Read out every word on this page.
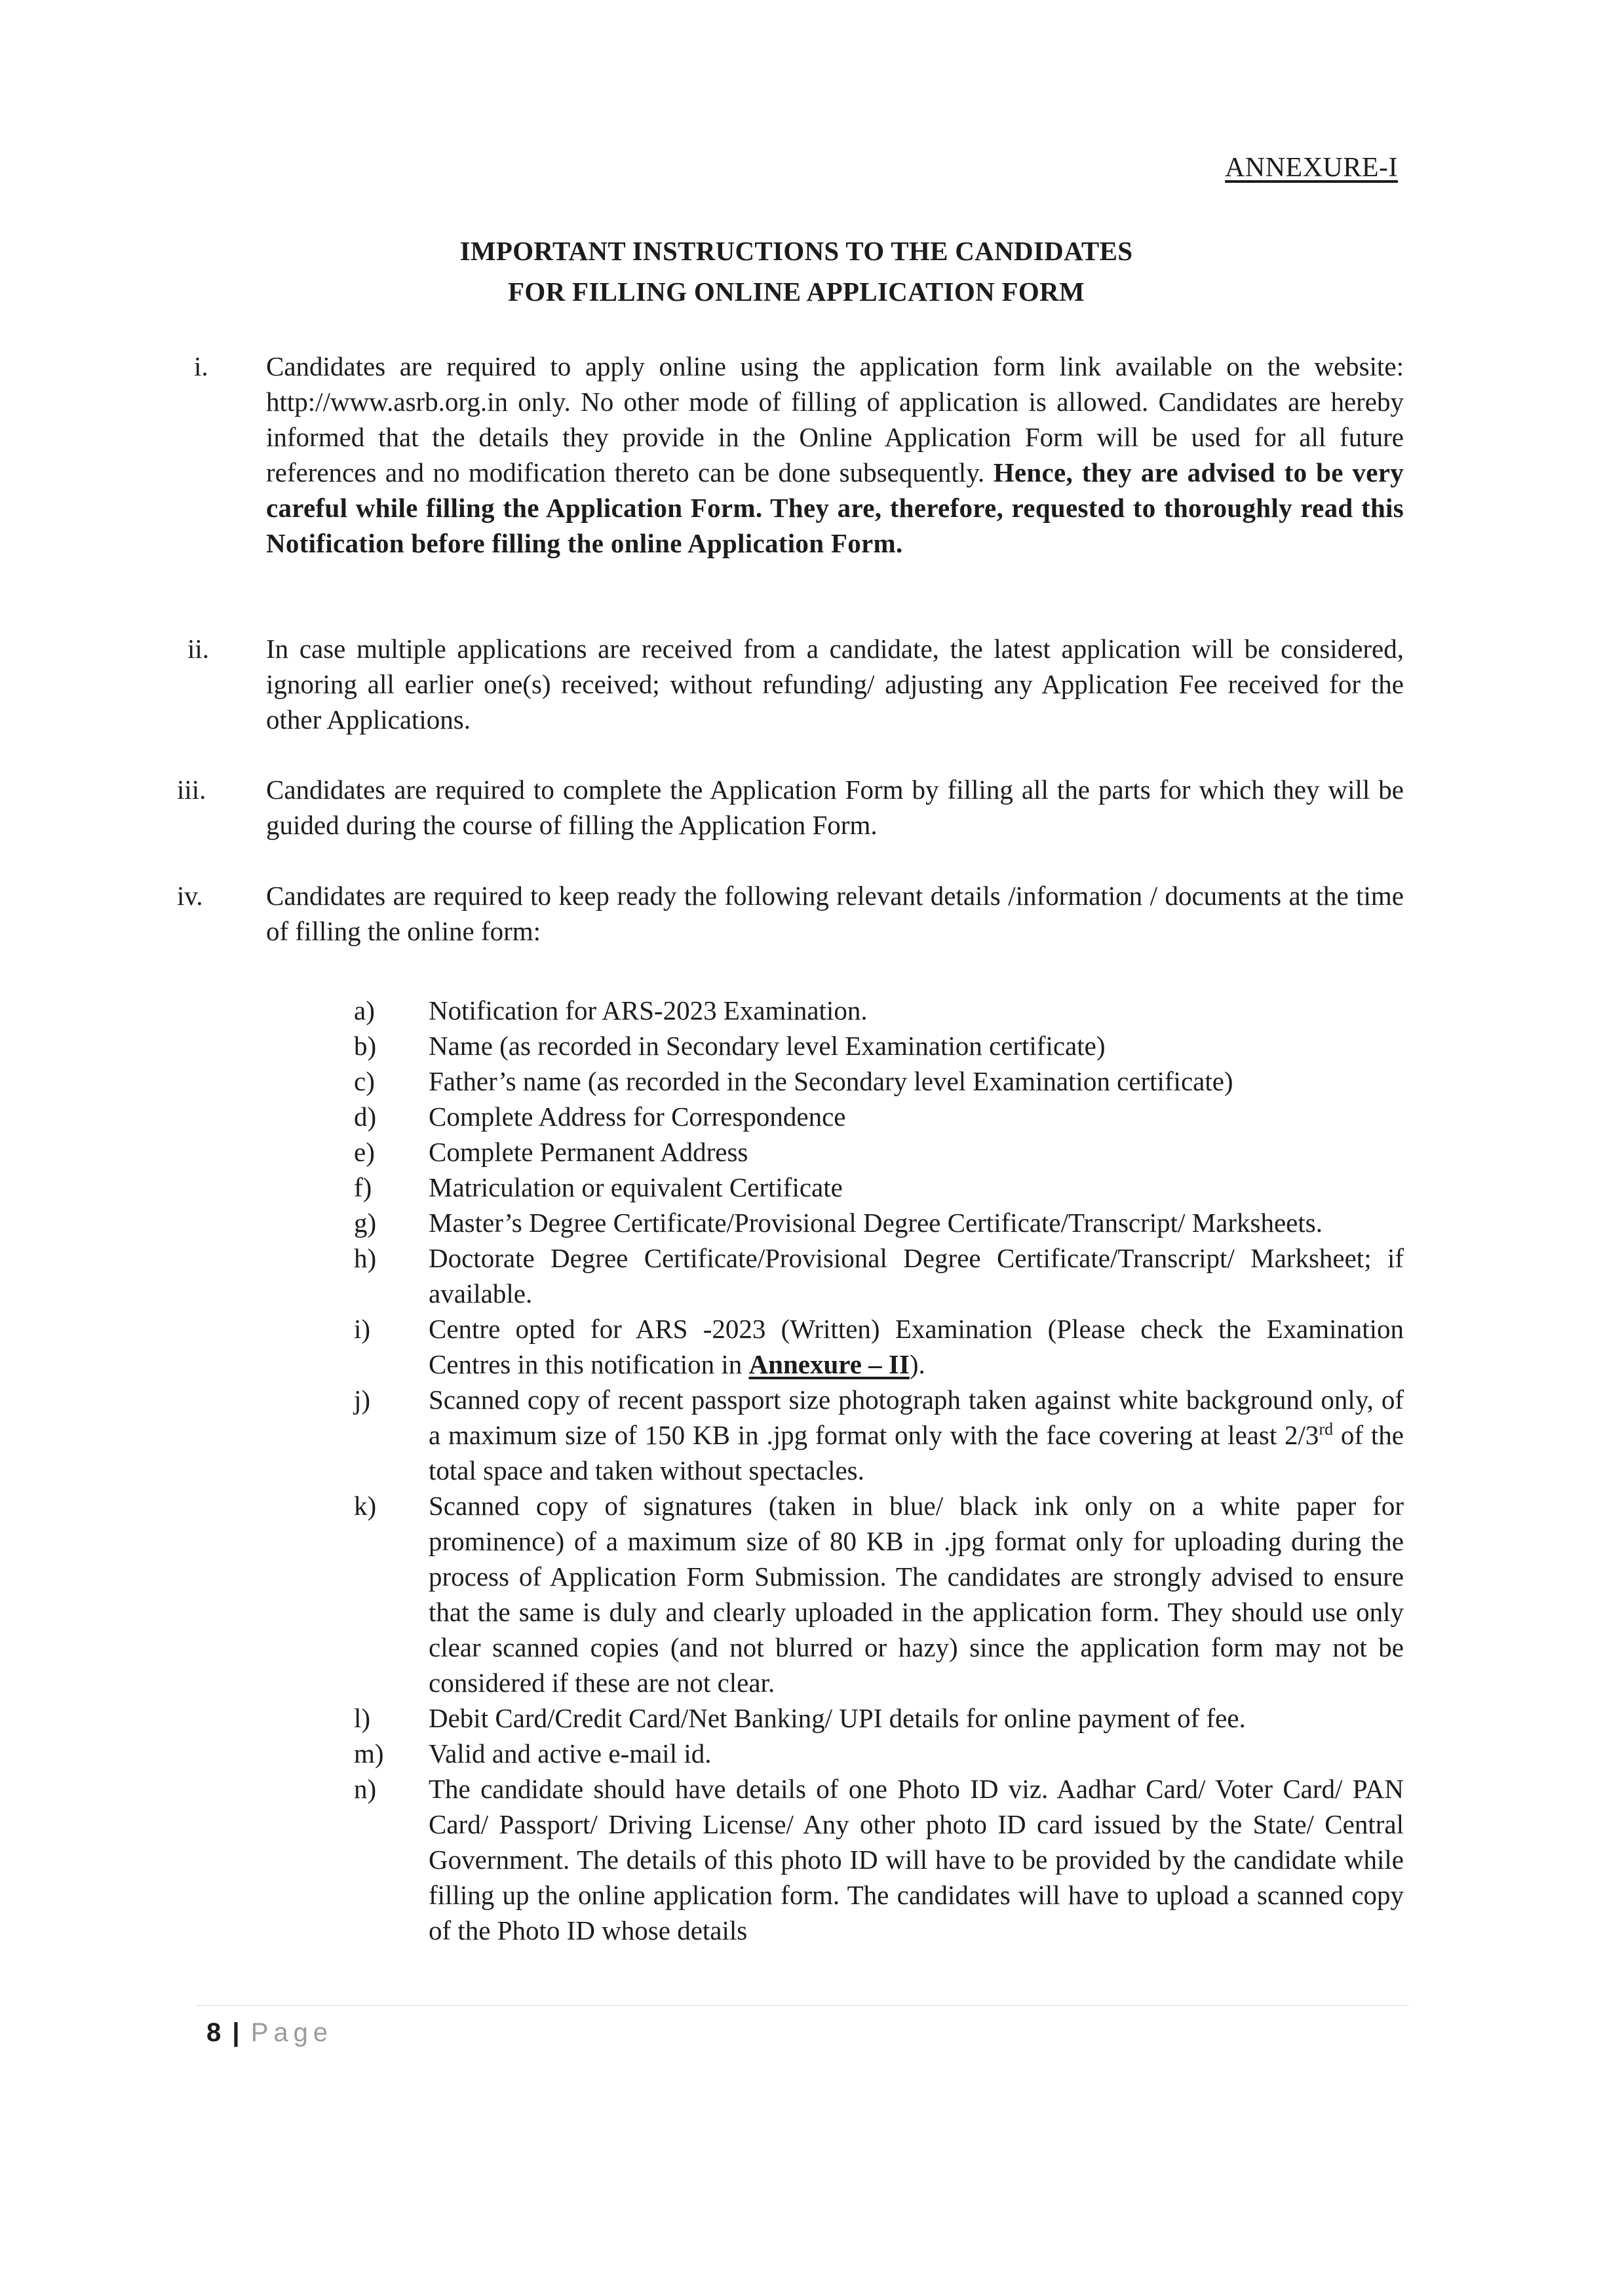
ANNEXURE-I
IMPORTANT INSTRUCTIONS TO THE CANDIDATES
FOR FILLING ONLINE APPLICATION FORM
i. Candidates are required to apply online using the application form link available on the website: http://www.asrb.org.in only. No other mode of filling of application is allowed. Candidates are hereby informed that the details they provide in the Online Application Form will be used for all future references and no modification thereto can be done subsequently. Hence, they are advised to be very careful while filling the Application Form. They are, therefore, requested to thoroughly read this Notification before filling the online Application Form.
ii. In case multiple applications are received from a candidate, the latest application will be considered, ignoring all earlier one(s) received; without refunding/ adjusting any Application Fee received for the other Applications.
iii. Candidates are required to complete the Application Form by filling all the parts for which they will be guided during the course of filling the Application Form.
iv. Candidates are required to keep ready the following relevant details /information / documents at the time of filling the online form:
a)	Notification for ARS-2023 Examination.
b)	Name (as recorded in Secondary level Examination certificate)
c)	Father’s name (as recorded in the Secondary level Examination certificate)
d)	Complete Address for Correspondence
e)	Complete Permanent Address
f)	Matriculation or equivalent Certificate
g)	Master’s Degree Certificate/Provisional Degree Certificate/Transcript/ Marksheets.
h)	Doctorate Degree Certificate/Provisional Degree Certificate/Transcript/ Marksheet; if available.
i)	Centre opted for ARS -2023 (Written) Examination (Please check the Examination Centres in this notification in Annexure – II).
j)	Scanned copy of recent passport size photograph taken against white background only, of a maximum size of 150 KB in .jpg format only with the face covering at least 2/3rd of the total space and taken without spectacles.
k)	Scanned copy of signatures (taken in blue/ black ink only on a white paper for prominence) of a maximum size of 80 KB in .jpg format only for uploading during the process of Application Form Submission. The candidates are strongly advised to ensure that the same is duly and clearly uploaded in the application form. They should use only clear scanned copies (and not blurred or hazy) since the application form may not be considered if these are not clear.
l)	Debit Card/Credit Card/Net Banking/ UPI details for online payment of fee.
m)	Valid and active e-mail id.
n)	The candidate should have details of one Photo ID viz. Aadhar Card/ Voter Card/ PAN Card/ Passport/ Driving License/ Any other photo ID card issued by the State/ Central Government. The details of this photo ID will have to be provided by the candidate while filling up the online application form. The candidates will have to upload a scanned copy of the Photo ID whose details
8 | Page
